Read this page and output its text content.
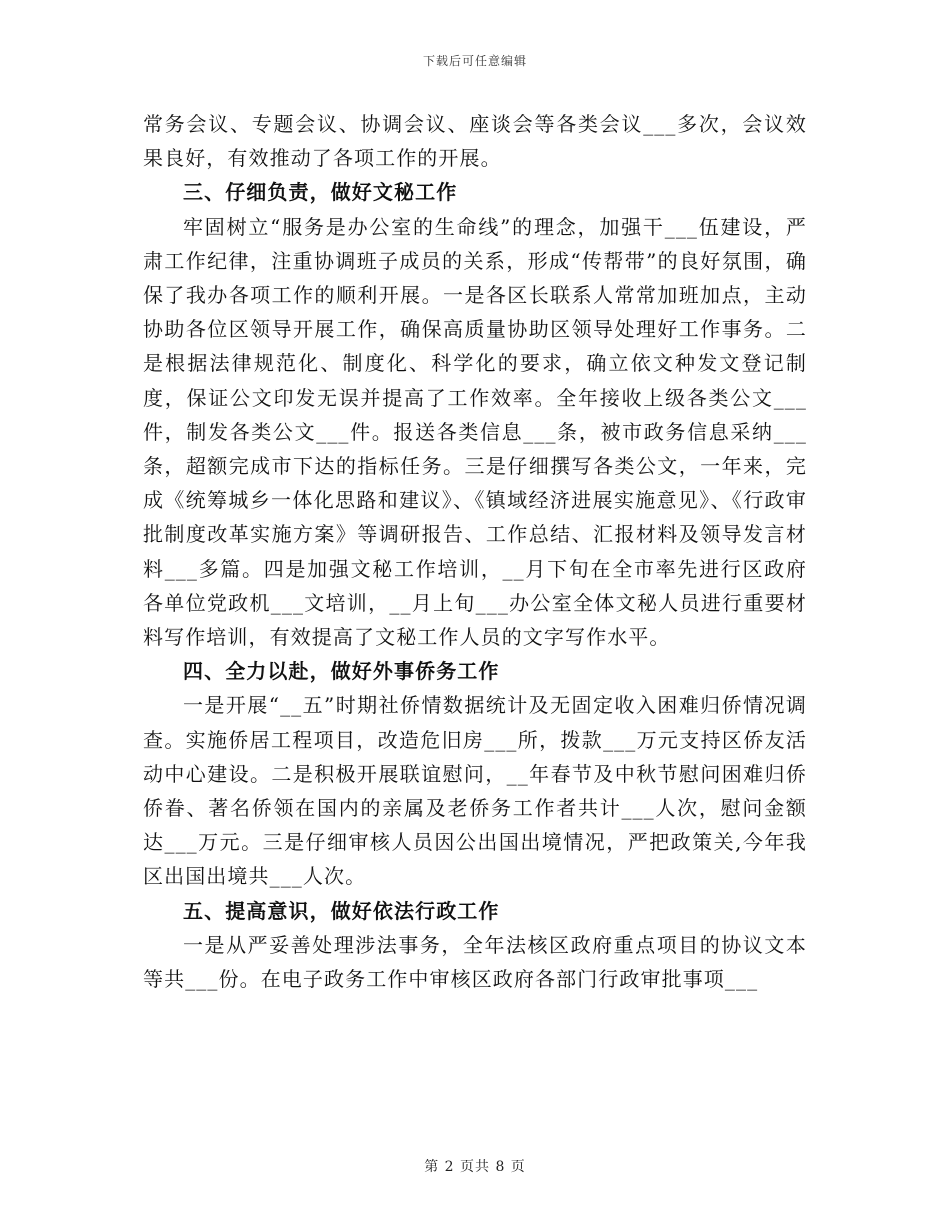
下载后可任意编辑

常务会议、专题会议、协调会议、座谈会等各类会议___多次，会议效果良好，有效推动了各项工作的开展。

三、仔细负责，做好文秘工作

牢固树立“服务是办公室的生命线”的理念，加强干___伍建设，严肃工作纪律，注重协调班子成员的关系，形成“传帮带”的良好氛围，确保了我办各项工作的顺利开展。一是各区长联系人常常加班加点，主动协助各位区领导开展工作，确保高质量协助区领导处理好工作事务。二是根据法律规范化、制度化、科学化的要求，确立依文种发文登记制度，保证公文印发无误并提高了工作效率。全年接收上级各类公文___件，制发各类公文___件。报送各类信息___条，被市政务信息采纳___条，超额完成市下达的指标任务。三是仔细撰写各类公文，一年来，完成《统筹城乡一体化思路和建议》、《镇域经济进展实施意见》、《行政审批制度改革实施方案》等调研报告、工作总结、汇报材料及领导发言材料___多篇。四是加强文秘工作培训，__月下旬在全市率先进行区政府各单位党政机___文培训，__月上旬___办公室全体文秘人员进行重要材料写作培训，有效提高了文秘工作人员的文字写作水平。

四、全力以赴，做好外事侨务工作

一是开展“__五”时期社侨情数据统计及无固定收入困难归侨情况调查。实施侨居工程项目，改造危旧房___所，拨款___万元支持区侨友活动中心建设。二是积极开展联谊慰问，__年春节及中秋节慰问困难归侨侨眷、著名侨领在国内的亲属及老侨务工作者共计___人次，慰问金额达___万元。三是仔细审核人员因公出国出境情况，严把政策关,今年我区出国出境共___人次。

五、提高意识，做好依法行政工作

一是从严妥善处理涉法事务，全年法核区政府重点项目的协议文本等共___份。在电子政务工作中审核区政府各部门行政审批事项___

第 2 页共 8 页
